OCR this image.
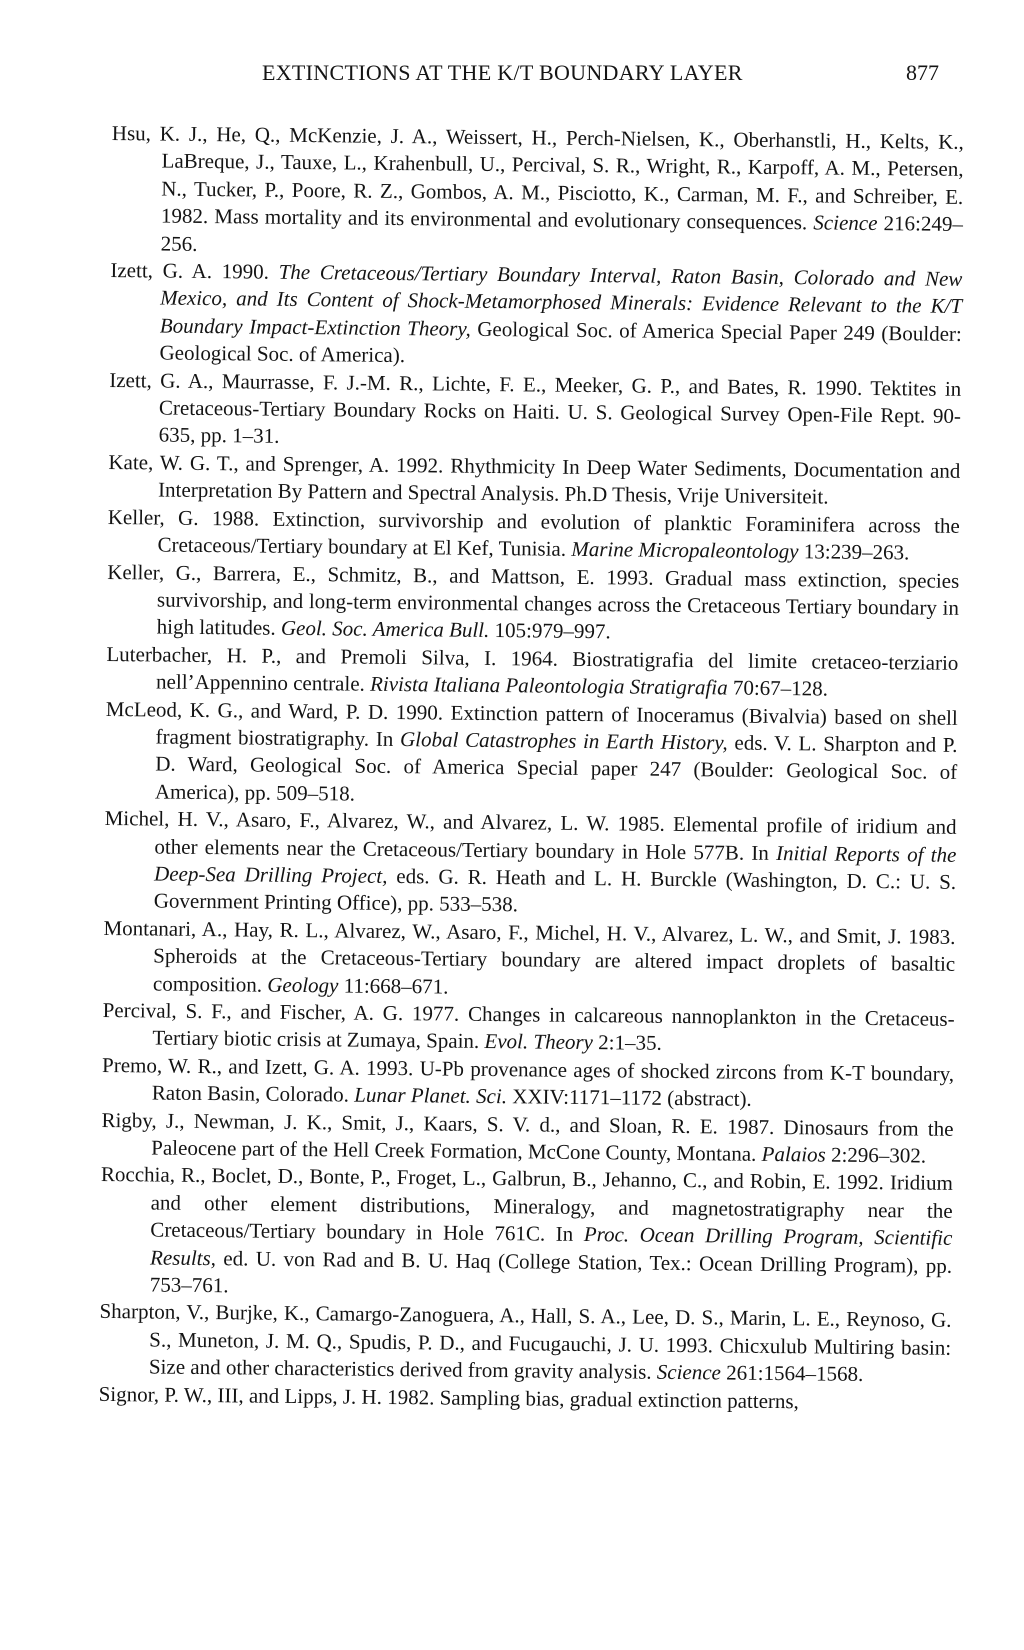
EXTINCTIONS AT THE K/T BOUNDARY LAYER	877

Hsu, K. J., He, Q., McKenzie, J. A., Weissert, H., Perch-Nielsen, K., Oberhanstli, H., Kelts, K., LaBreque, J., Tauxe, L., Krahenbull, U., Percival, S. R., Wright, R., Karpoff, A. M., Petersen, N., Tucker, P., Poore, R. Z., Gombos, A. M., Pisciotto, K., Carman, M. F., and Schreiber, E. 1982. Mass mortality and its environmental and evolutionary consequences. Science 216:249–256.

Izett, G. A. 1990. The Cretaceous/Tertiary Boundary Interval, Raton Basin, Colorado and New Mexico, and Its Content of Shock-Metamorphosed Minerals: Evidence Relevant to the K/T Boundary Impact-Extinction Theory, Geological Soc. of America Special Paper 249 (Boulder: Geological Soc. of America).

Izett, G. A., Maurrasse, F. J.-M. R., Lichte, F. E., Meeker, G. P., and Bates, R. 1990. Tektites in Cretaceous-Tertiary Boundary Rocks on Haiti. U. S. Geological Survey Open-File Rept. 90-635, pp. 1–31.

Kate, W. G. T., and Sprenger, A. 1992. Rhythmicity In Deep Water Sediments, Documentation and Interpretation By Pattern and Spectral Analysis. Ph.D Thesis, Vrije Universiteit.

Keller, G. 1988. Extinction, survivorship and evolution of planktic Foraminifera across the Cretaceous/Tertiary boundary at El Kef, Tunisia. Marine Micropaleontology 13:239–263.

Keller, G., Barrera, E., Schmitz, B., and Mattson, E. 1993. Gradual mass extinction, species survivorship, and long-term environmental changes across the Cretaceous Tertiary boundary in high latitudes. Geol. Soc. America Bull. 105:979–997.

Luterbacher, H. P., and Premoli Silva, I. 1964. Biostratigrafia del limite cretaceo-terziario nell’Appennino centrale. Rivista Italiana Paleontologia Stratigrafia 70:67–128.

McLeod, K. G., and Ward, P. D. 1990. Extinction pattern of Inoceramus (Bivalvia) based on shell fragment biostratigraphy. In Global Catastrophes in Earth History, eds. V. L. Sharpton and P. D. Ward, Geological Soc. of America Special paper 247 (Boulder: Geological Soc. of America), pp. 509–518.

Michel, H. V., Asaro, F., Alvarez, W., and Alvarez, L. W. 1985. Elemental profile of iridium and other elements near the Cretaceous/Tertiary boundary in Hole 577B. In Initial Reports of the Deep-Sea Drilling Project, eds. G. R. Heath and L. H. Burckle (Washington, D. C.: U. S. Government Printing Office), pp. 533–538.

Montanari, A., Hay, R. L., Alvarez, W., Asaro, F., Michel, H. V., Alvarez, L. W., and Smit, J. 1983. Spheroids at the Cretaceous-Tertiary boundary are altered impact droplets of basaltic composition. Geology 11:668–671.

Percival, S. F., and Fischer, A. G. 1977. Changes in calcareous nannoplankton in the Cretaceus-Tertiary biotic crisis at Zumaya, Spain. Evol. Theory 2:1–35.

Premo, W. R., and Izett, G. A. 1993. U-Pb provenance ages of shocked zircons from K-T boundary, Raton Basin, Colorado. Lunar Planet. Sci. XXIV:1171–1172 (abstract).

Rigby, J., Newman, J. K., Smit, J., Kaars, S. V. d., and Sloan, R. E. 1987. Dinosaurs from the Paleocene part of the Hell Creek Formation, McCone County, Montana. Palaios 2:296–302.

Rocchia, R., Boclet, D., Bonte, P., Froget, L., Galbrun, B., Jehanno, C., and Robin, E. 1992. Iridium and other element distributions, Mineralogy, and magnetostratigraphy near the Cretaceous/Tertiary boundary in Hole 761C. In Proc. Ocean Drilling Program, Scientific Results, ed. U. von Rad and B. U. Haq (College Station, Tex.: Ocean Drilling Program), pp. 753–761.

Sharpton, V., Burjke, K., Camargo-Zanoguera, A., Hall, S. A., Lee, D. S., Marin, L. E., Reynoso, G. S., Muneton, J. M. Q., Spudis, P. D., and Fucugauchi, J. U. 1993. Chicxulub Multiring basin: Size and other characteristics derived from gravity analysis. Science 261:1564–1568.

Signor, P. W., III, and Lipps, J. H. 1982. Sampling bias, gradual extinction patterns,
